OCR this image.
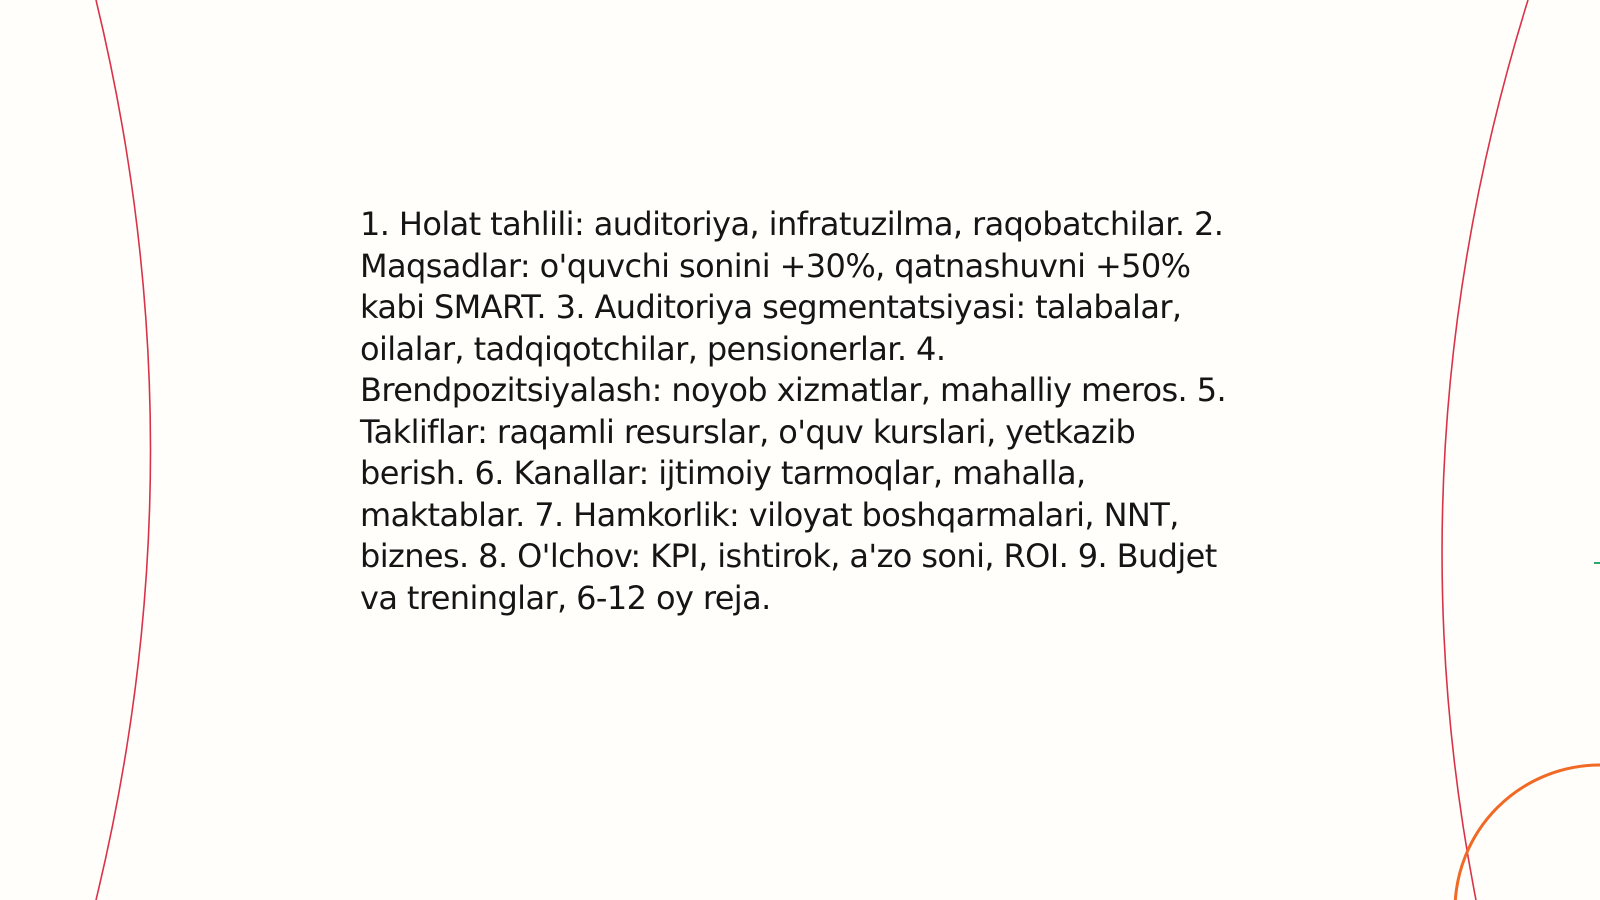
1. Holat tahlili: auditoriya, infratuzilma, raqobatchilar. 2. Maqsadlar: o'quvchi sonini +30%, qatnashuvni +50% kabi SMART. 3. Auditoriya segmentatsiyasi: talabalar, oilalar, tadqiqotchilar, pensionerlar. 4. Brendpozitsiyalash: noyob xizmatlar, mahalliy meros. 5. Takliflar: raqamli resurslar, o'quv kurslari, yetkazib berish. 6. Kanallar: ijtimoiy tarmoqlar, mahalla, maktablar. 7. Hamkorlik: viloyat boshqarmalari, NNT, biznes. 8. O'lchov: KPI, ishtirok, a'zo soni, ROI. 9. Budjet va treninglar, 6-12 oy reja.
